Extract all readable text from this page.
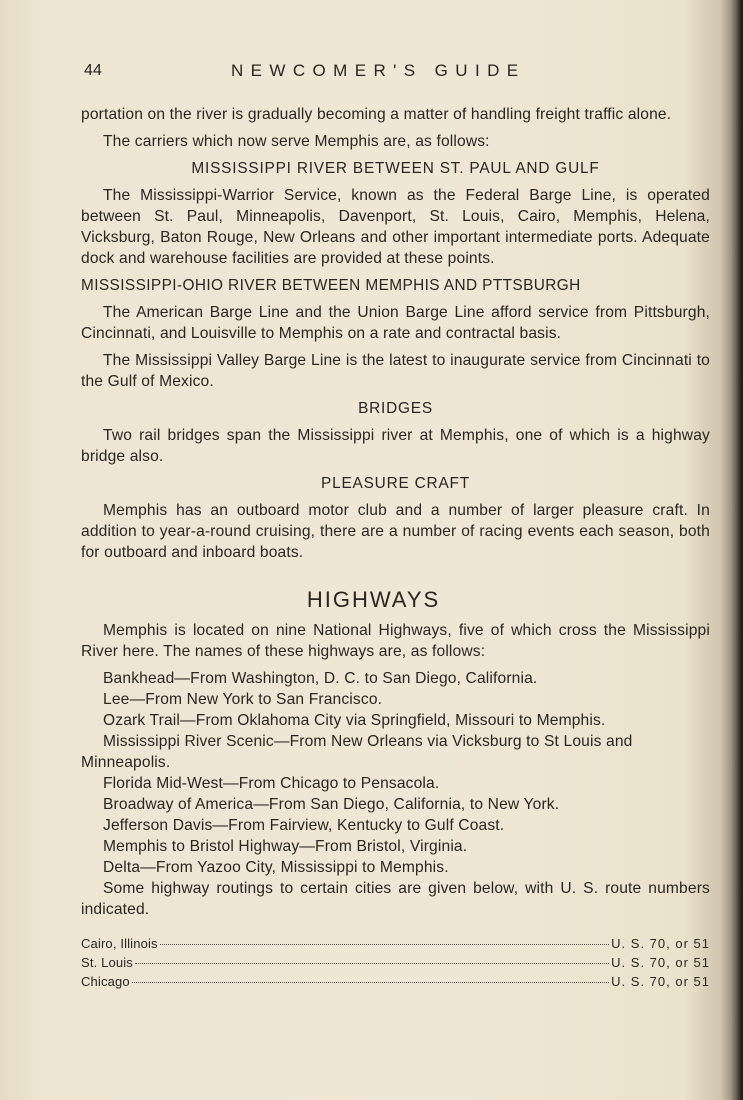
44	NEWCOMER'S GUIDE

portation on the river is gradually becoming a matter of handling freight traffic alone.

The carriers which now serve Memphis are, as follows:

MISSISSIPPI RIVER BETWEEN ST. PAUL AND GULF

The Mississippi-Warrior Service, known as the Federal Barge Line, is operated between St. Paul, Minneapolis, Davenport, St. Louis, Cairo, Memphis, Helena, Vicksburg, Baton Rouge, New Orleans and other important intermediate ports. Adequate dock and warehouse facilities are provided at these points.

MISSISSIPPI-OHIO RIVER BETWEEN MEMPHIS AND PTTSBURGH

The American Barge Line and the Union Barge Line afford service from Pittsburgh, Cincinnati, and Louisville to Memphis on a rate and contractal basis.

The Mississippi Valley Barge Line is the latest to inaugurate service from Cincinnati to the Gulf of Mexico.

BRIDGES

Two rail bridges span the Mississippi river at Memphis, one of which is a highway bridge also.

PLEASURE CRAFT

Memphis has an outboard motor club and a number of larger pleasure craft. In addition to year-a-round cruising, there are a number of racing events each season, both for outboard and inboard boats.

HIGHWAYS

Memphis is located on nine National Highways, five of which cross the Mississippi River here. The names of these highways are, as follows:

Bankhead—From Washington, D. C. to San Diego, California.

Lee—From New York to San Francisco.

Ozark Trail—From Oklahoma City via Springfield, Missouri to Memphis.

Mississippi River Scenic—From New Orleans via Vicksburg to St Louis and Minneapolis.

Florida Mid-West—From Chicago to Pensacola.

Broadway of America—From San Diego, California, to New York.

Jefferson Davis—From Fairview, Kentucky to Gulf Coast.

Memphis to Bristol Highway—From Bristol, Virginia.

Delta—From Yazoo City, Mississippi to Memphis.

Some highway routings to certain cities are given below, with U. S. route numbers indicated.

Cairo, Illinois	U. S. 70, or 51
St. Louis	U. S. 70, or 51
Chicago	U. S. 70, or 51
